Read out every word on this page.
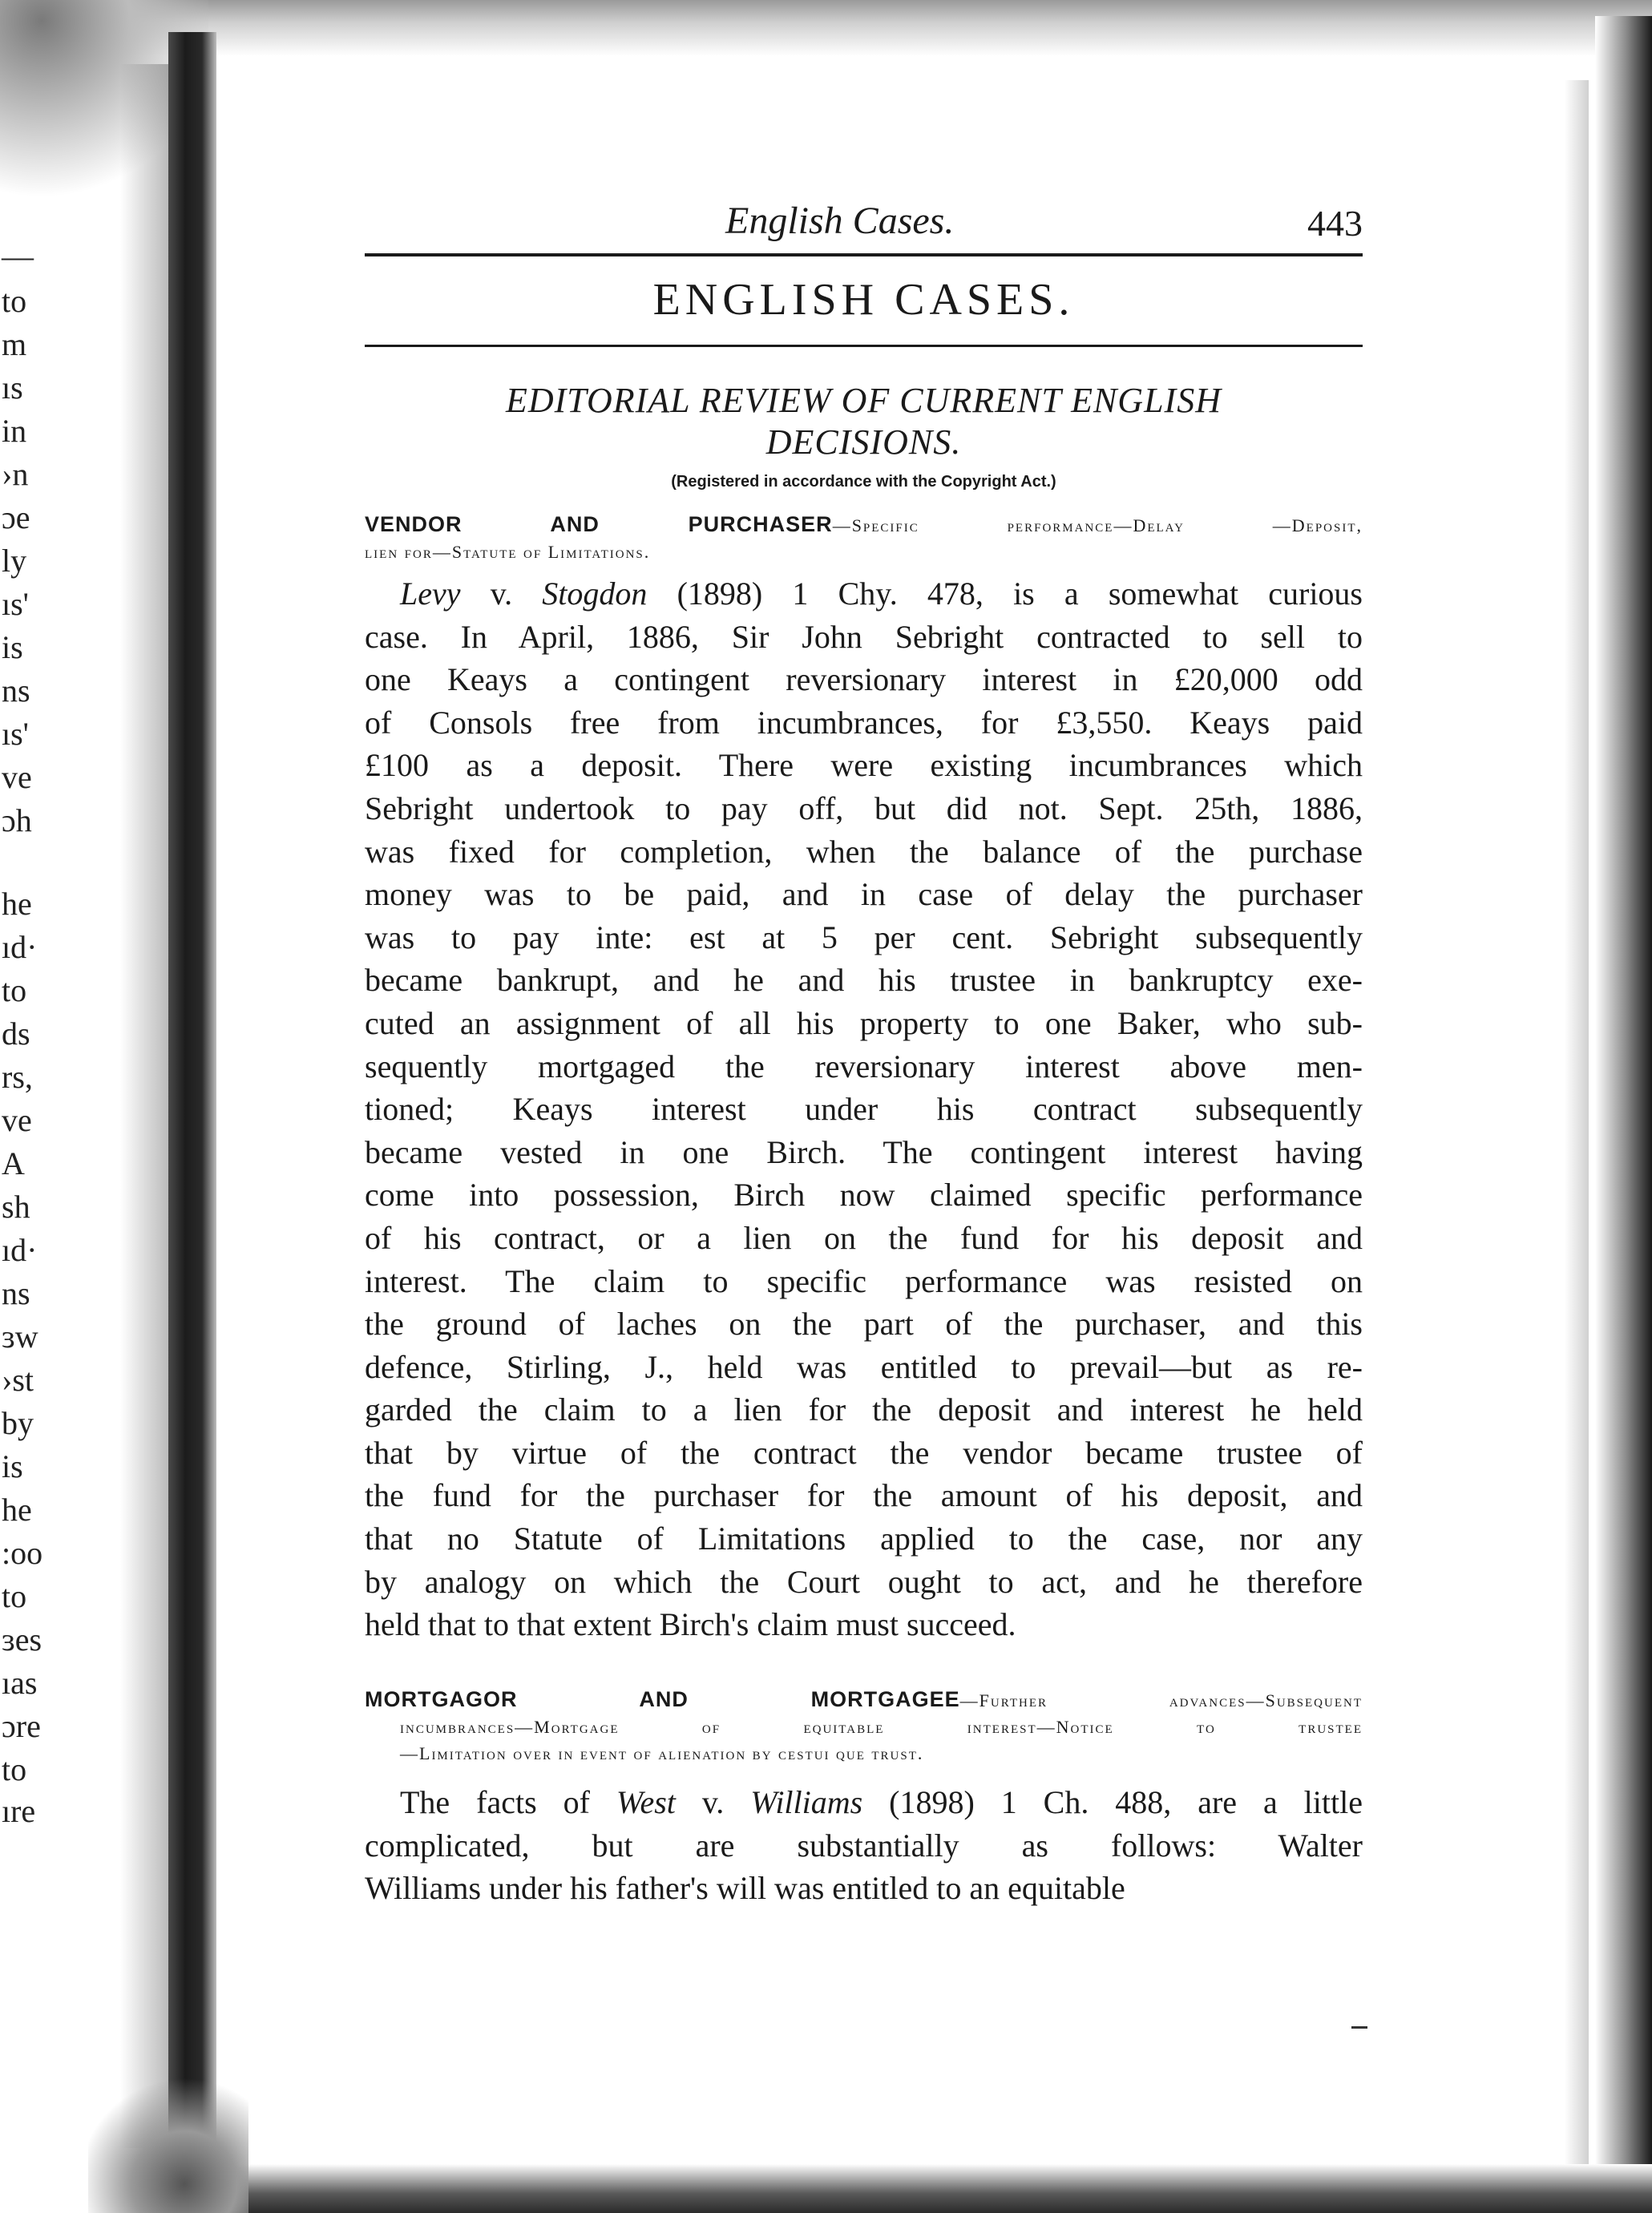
—
to
m
ıs
in
›n
ɔe
ly
ıs'
is
ns
ıs'
ve
ɔh
he
ıd·
to
ds
rs,
ve
A
sh
ıd·
ns
ɜw
›st
by
is
he
:oo
to
ɜes
ıas
ɔre
to
ıre
English Cases.	443
ENGLISH CASES.
EDITORIAL REVIEW OF CURRENT ENGLISH
DECISIONS.
(Registered in accordance with the Copyright Act.)
VENDOR AND PURCHASER—Specific performance—Delay —Deposit,
lien for—Statute of Limitations.
Levy v. Stogdon (1898) 1 Chy. 478, is a somewhat curious
case. In April, 1886, Sir John Sebright contracted to sell to
one Keays a contingent reversionary interest in £20,000 odd
of Consols free from incumbrances, for £3,550. Keays paid
£100 as a deposit. There were existing incumbrances which
Sebright undertook to pay off, but did not. Sept. 25th, 1886,
was fixed for completion, when the balance of the purchase
money was to be paid, and in case of delay the purchaser
was to pay inte: est at 5 per cent. Sebright subsequently
became bankrupt, and he and his trustee in bankruptcy exe-
cuted an assignment of all his property to one Baker, who sub-
sequently mortgaged the reversionary interest above men-
tioned; Keays interest under his contract subsequently
became vested in one Birch. The contingent interest having
come into possession, Birch now claimed specific performance
of his contract, or a lien on the fund for his deposit and
interest. The claim to specific performance was resisted on
the ground of laches on the part of the purchaser, and this
defence, Stirling, J., held was entitled to prevail—but as re-
garded the claim to a lien for the deposit and interest he held
that by virtue of the contract the vendor became trustee of
the fund for the purchaser for the amount of his deposit, and
that no Statute of Limitations applied to the case, nor any
by analogy on which the Court ought to act, and he therefore
held that to that extent Birch's claim must succeed.
MORTGAGOR AND MORTGAGEE—Further advances—Subsequent
incumbrances—Mortgage of equitable interest—Notice to trustee
—Limitation over in event of alienation by cestui que trust.
The facts of West v. Williams (1898) 1 Ch. 488, are a little
complicated, but are substantially as follows: Walter
Williams under his father's will was entitled to an equitable
